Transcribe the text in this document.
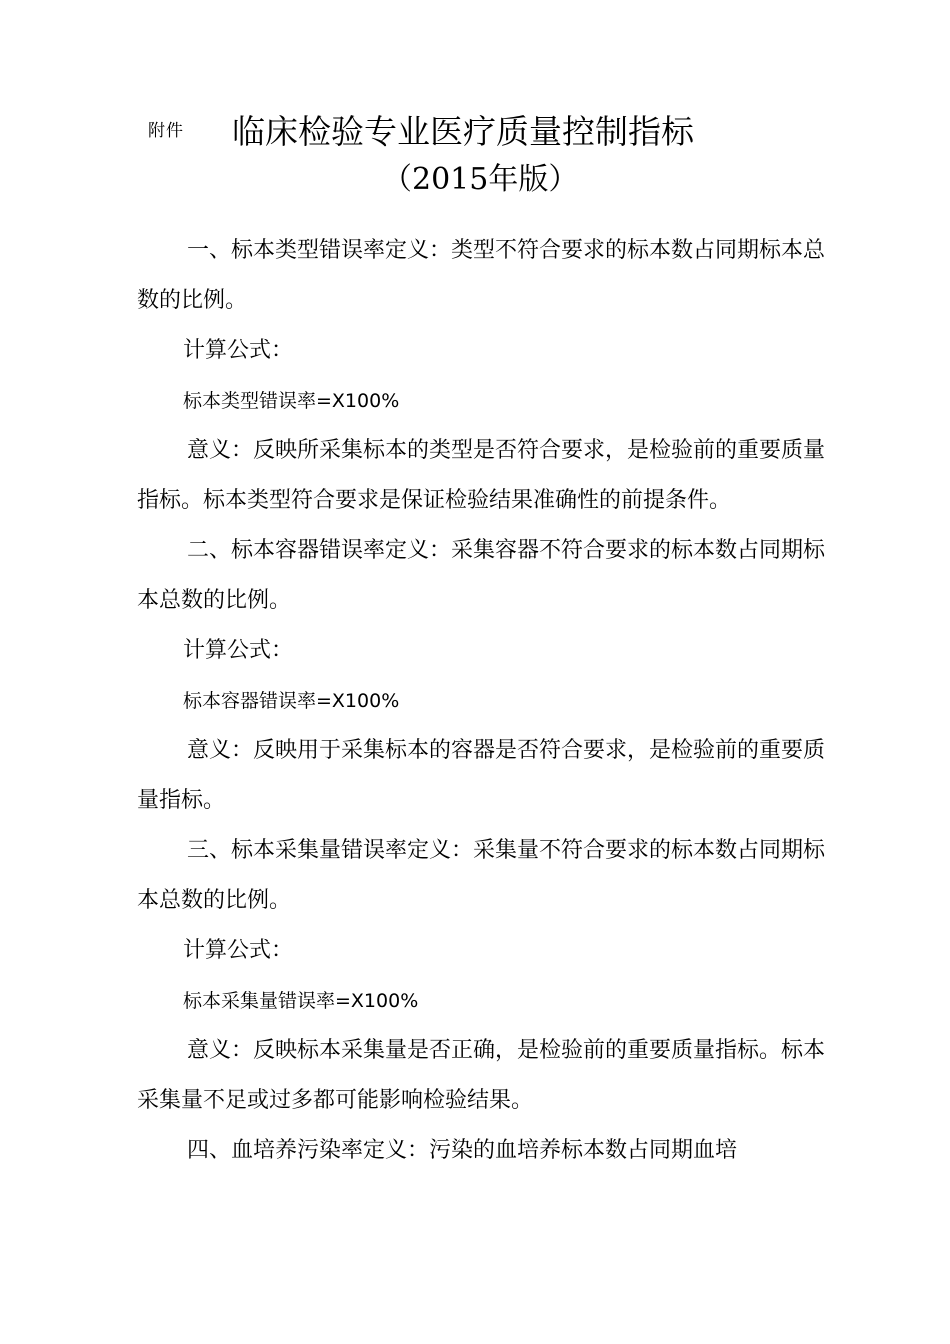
附件 临床检验专业医疗质量控制指标
（2015年版）

一、标本类型错误率定义：类型不符合要求的标本数占同期标本总数的比例。

计算公式：

标本类型错误率=X100%

意义：反映所采集标本的类型是否符合要求，是检验前的重要质量指标。标本类型符合要求是保证检验结果准确性的前提条件。

二、标本容器错误率定义：采集容器不符合要求的标本数占同期标本总数的比例。

计算公式：

标本容器错误率=X100%

意义：反映用于采集标本的容器是否符合要求，是检验前的重要质量指标。

三、标本采集量错误率定义：采集量不符合要求的标本数占同期标本总数的比例。

计算公式：

标本采集量错误率=X100%

意义：反映标本采集量是否正确，是检验前的重要质量指标。标本采集量不足或过多都可能影响检验结果。

四、血培养污染率定义：污染的血培养标本数占同期血培
